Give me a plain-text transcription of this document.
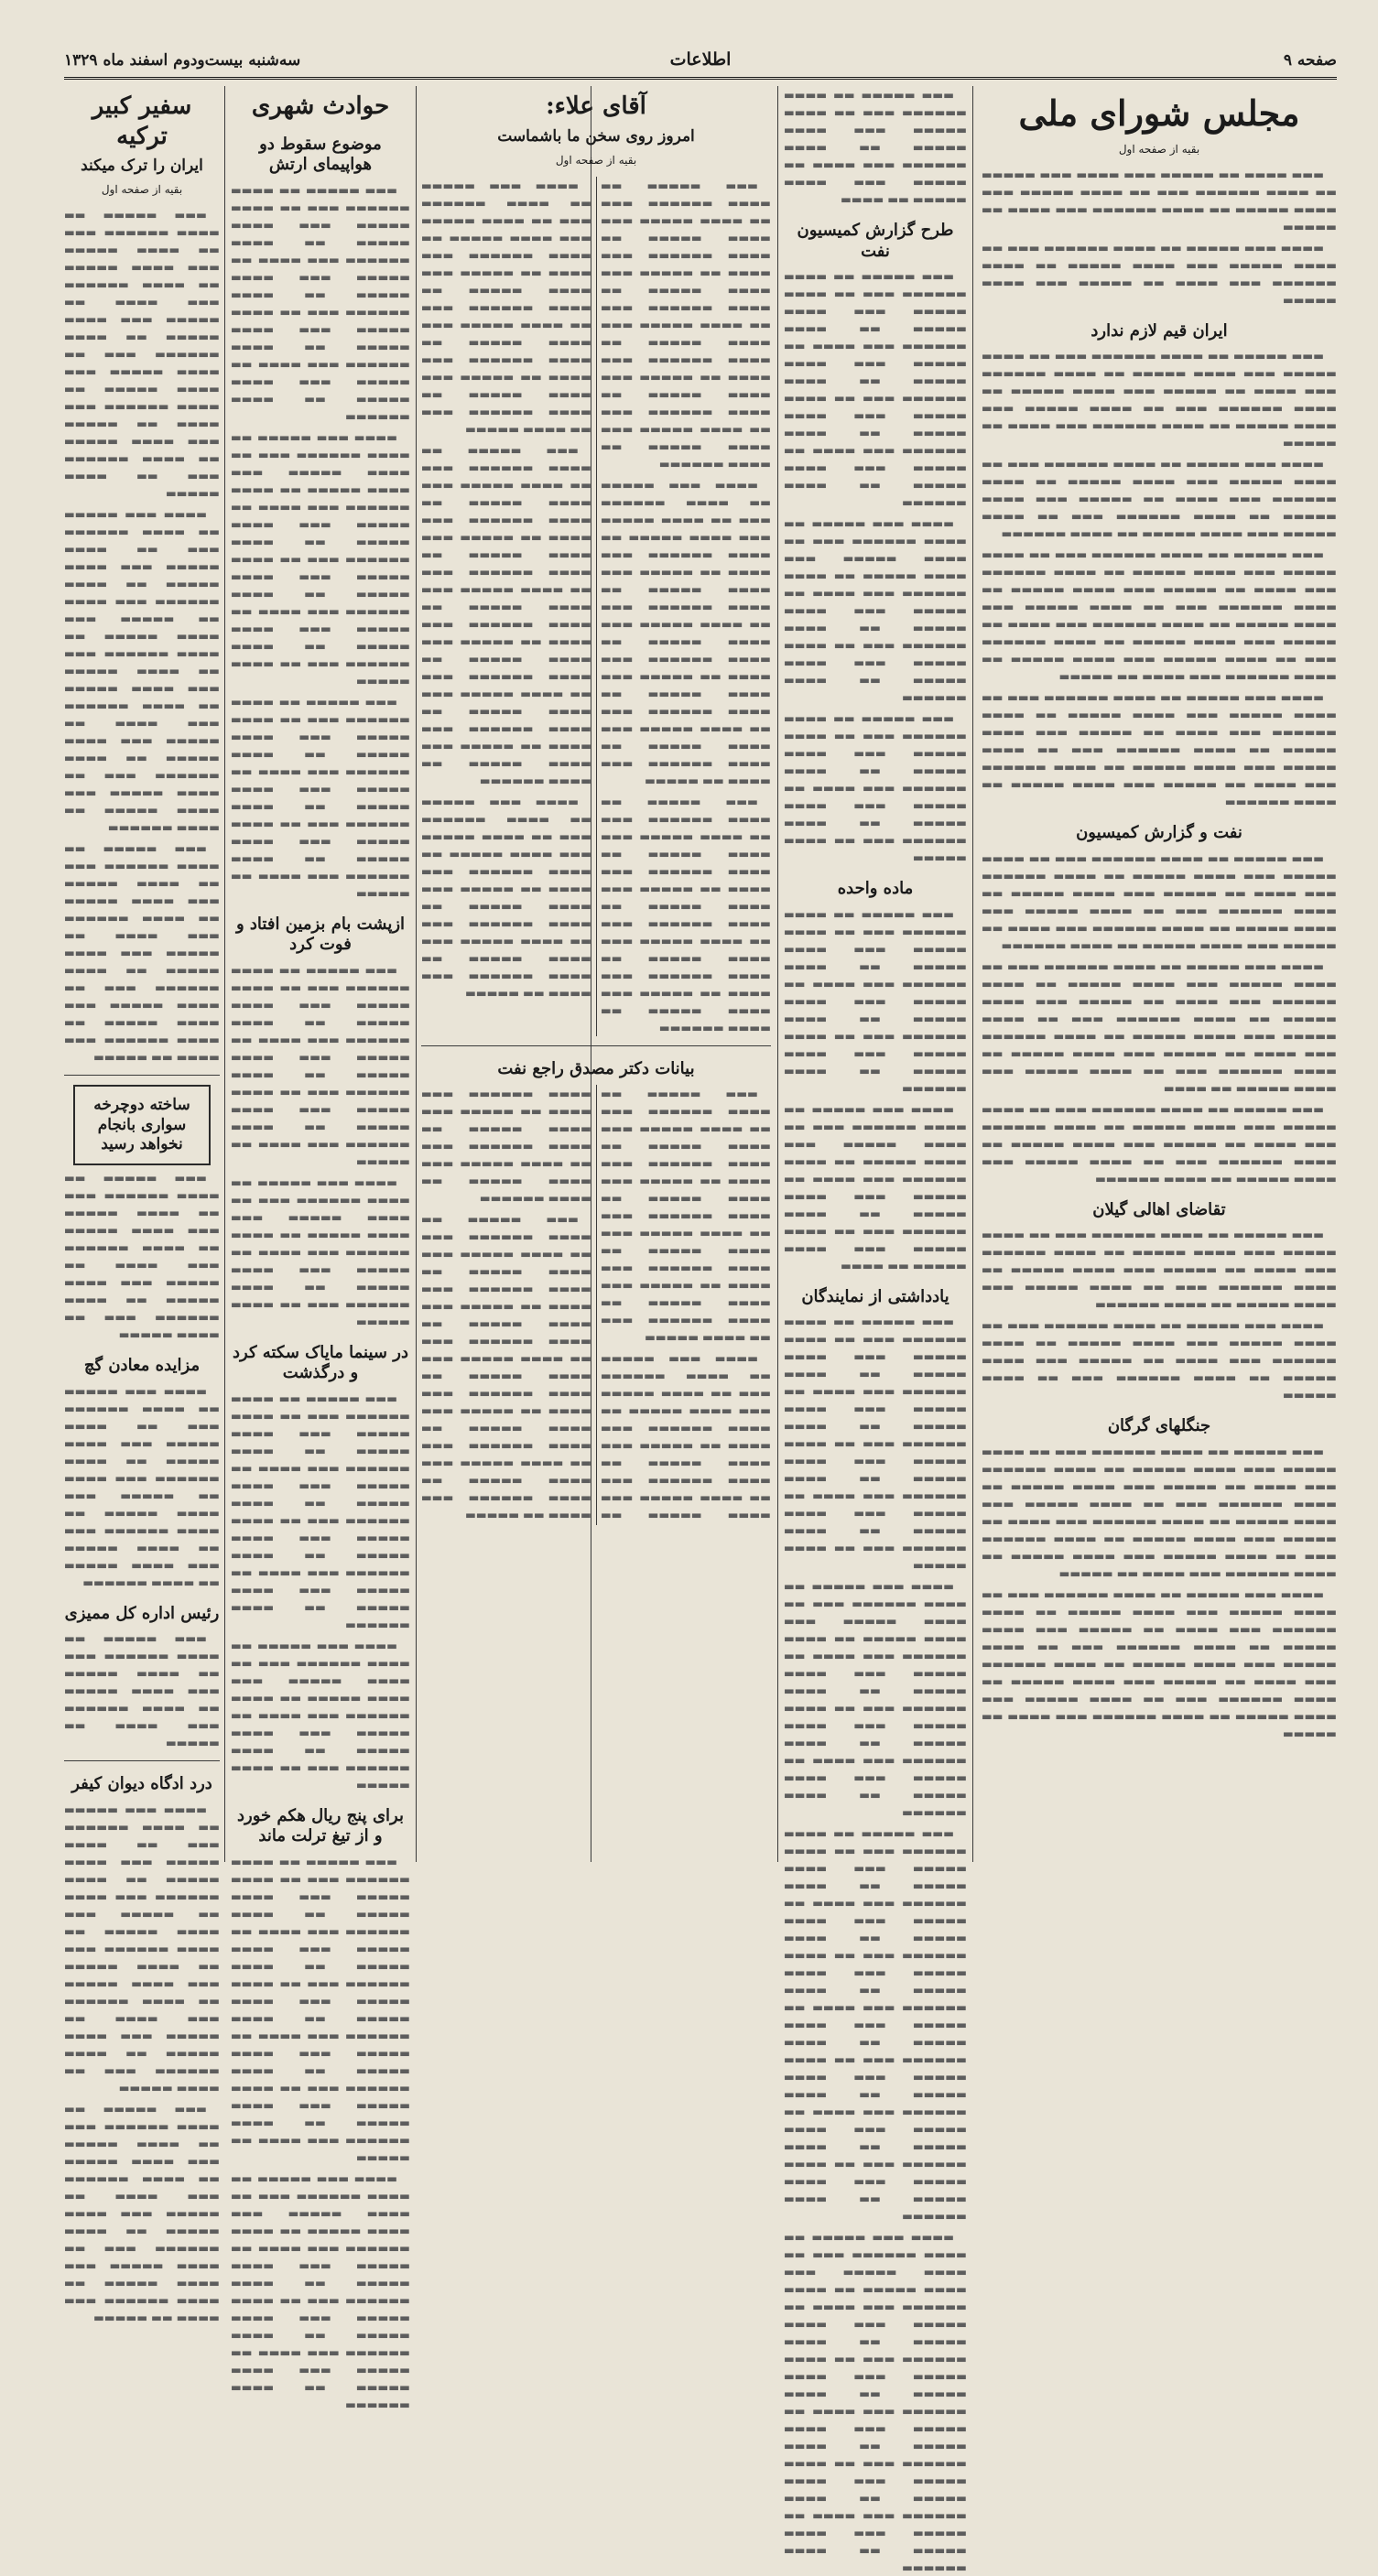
صفحه ۹
اطلاعات
سه‌شنبه بیست‌ودوم اسفند ماه ۱۳۲۹
مجلس شورای ملی
بقیه از صفحه اول

▬▬▬ ▬▬▬▬ ▬▬ ▬▬▬▬▬ ▬▬▬ ▬▬▬▬ ▬▬▬ ▬▬▬▬▬ ▬▬ ▬▬▬▬ ▬▬▬▬▬▬ ▬▬▬ ▬▬ ▬▬▬▬ ▬▬▬▬▬ ▬▬▬ ▬▬▬▬ ▬▬▬▬▬ ▬▬ ▬▬▬▬ ▬▬▬▬▬▬ ▬▬▬ ▬▬▬▬ ▬▬ ▬▬▬▬▬

▬▬▬▬ ▬▬▬ ▬▬▬▬▬ ▬▬ ▬▬▬▬ ▬▬▬▬▬▬ ▬▬▬ ▬▬ ▬▬▬▬ ▬▬▬▬▬ ▬▬▬ ▬▬▬▬ ▬▬▬▬▬ ▬▬ ▬▬▬▬ ▬▬▬▬▬▬ ▬▬▬ ▬▬▬▬ ▬▬ ▬▬▬▬▬ ▬▬▬ ▬▬▬▬ ▬▬▬▬▬

ایران قیم لازم ندارد

▬▬▬ ▬▬▬▬▬ ▬▬ ▬▬▬▬ ▬▬▬▬▬▬ ▬▬▬ ▬▬ ▬▬▬▬ ▬▬▬▬▬ ▬▬▬ ▬▬▬▬ ▬▬▬▬▬ ▬▬ ▬▬▬▬ ▬▬▬▬▬▬ ▬▬▬ ▬▬▬▬ ▬▬ ▬▬▬▬▬ ▬▬▬ ▬▬▬▬ ▬▬▬▬▬ ▬▬ ▬▬▬▬ ▬▬▬▬▬▬ ▬▬▬ ▬▬ ▬▬▬▬ ▬▬▬▬▬ ▬▬▬ ▬▬▬▬ ▬▬▬▬▬ ▬▬ ▬▬▬▬ ▬▬▬▬▬▬ ▬▬▬ ▬▬▬▬ ▬▬ ▬▬▬▬▬

▬▬▬▬ ▬▬▬ ▬▬▬▬▬ ▬▬ ▬▬▬▬ ▬▬▬▬▬▬ ▬▬▬ ▬▬ ▬▬▬▬ ▬▬▬▬▬ ▬▬▬ ▬▬▬▬ ▬▬▬▬▬ ▬▬ ▬▬▬▬ ▬▬▬▬▬▬ ▬▬▬ ▬▬▬▬ ▬▬ ▬▬▬▬▬ ▬▬▬ ▬▬▬▬ ▬▬▬▬▬ ▬▬ ▬▬▬▬ ▬▬▬▬▬▬ ▬▬▬ ▬▬ ▬▬▬▬ ▬▬▬▬▬ ▬▬▬ ▬▬▬▬ ▬▬▬▬▬ ▬▬ ▬▬▬▬ ▬▬▬▬▬▬

▬▬▬ ▬▬▬▬▬ ▬▬ ▬▬▬▬ ▬▬▬▬▬▬ ▬▬▬ ▬▬ ▬▬▬▬ ▬▬▬▬▬ ▬▬▬ ▬▬▬▬ ▬▬▬▬▬ ▬▬ ▬▬▬▬ ▬▬▬▬▬▬ ▬▬▬ ▬▬▬▬ ▬▬ ▬▬▬▬▬ ▬▬▬ ▬▬▬▬ ▬▬▬▬▬ ▬▬ ▬▬▬▬ ▬▬▬▬▬▬ ▬▬▬ ▬▬ ▬▬▬▬ ▬▬▬▬▬ ▬▬▬ ▬▬▬▬ ▬▬▬▬▬ ▬▬ ▬▬▬▬ ▬▬▬▬▬▬ ▬▬▬ ▬▬▬▬ ▬▬ ▬▬▬▬▬ ▬▬▬ ▬▬▬▬ ▬▬▬▬▬ ▬▬ ▬▬▬▬ ▬▬▬▬▬▬ ▬▬▬ ▬▬ ▬▬▬▬ ▬▬▬▬▬ ▬▬▬ ▬▬▬▬ ▬▬▬▬▬ ▬▬ ▬▬▬▬ ▬▬▬▬▬▬ ▬▬▬ ▬▬▬▬ ▬▬ ▬▬▬▬▬

▬▬▬▬ ▬▬▬ ▬▬▬▬▬ ▬▬ ▬▬▬▬ ▬▬▬▬▬▬ ▬▬▬ ▬▬ ▬▬▬▬ ▬▬▬▬▬ ▬▬▬ ▬▬▬▬ ▬▬▬▬▬ ▬▬ ▬▬▬▬ ▬▬▬▬▬▬ ▬▬▬ ▬▬▬▬ ▬▬ ▬▬▬▬▬ ▬▬▬ ▬▬▬▬ ▬▬▬▬▬ ▬▬ ▬▬▬▬ ▬▬▬▬▬▬ ▬▬▬ ▬▬ ▬▬▬▬ ▬▬▬▬▬ ▬▬▬ ▬▬▬▬ ▬▬▬▬▬ ▬▬ ▬▬▬▬ ▬▬▬▬▬▬ ▬▬▬ ▬▬▬▬ ▬▬ ▬▬▬▬▬ ▬▬▬ ▬▬▬▬ ▬▬▬▬▬ ▬▬ ▬▬▬▬ ▬▬▬▬▬▬

نفت و گزارش کمیسیون

▬▬▬ ▬▬▬▬▬ ▬▬ ▬▬▬▬ ▬▬▬▬▬▬ ▬▬▬ ▬▬ ▬▬▬▬ ▬▬▬▬▬ ▬▬▬ ▬▬▬▬ ▬▬▬▬▬ ▬▬ ▬▬▬▬ ▬▬▬▬▬▬ ▬▬▬ ▬▬▬▬ ▬▬ ▬▬▬▬▬ ▬▬▬ ▬▬▬▬ ▬▬▬▬▬ ▬▬ ▬▬▬▬ ▬▬▬▬▬▬ ▬▬▬ ▬▬ ▬▬▬▬ ▬▬▬▬▬ ▬▬▬ ▬▬▬▬ ▬▬▬▬▬ ▬▬ ▬▬▬▬ ▬▬▬▬▬▬ ▬▬▬ ▬▬▬▬ ▬▬ ▬▬▬▬▬ ▬▬▬ ▬▬▬▬ ▬▬▬▬▬ ▬▬ ▬▬▬▬ ▬▬▬▬▬▬

▬▬▬▬ ▬▬▬ ▬▬▬▬▬ ▬▬ ▬▬▬▬ ▬▬▬▬▬▬ ▬▬▬ ▬▬ ▬▬▬▬ ▬▬▬▬▬ ▬▬▬ ▬▬▬▬ ▬▬▬▬▬ ▬▬ ▬▬▬▬ ▬▬▬▬▬▬ ▬▬▬ ▬▬▬▬ ▬▬ ▬▬▬▬▬ ▬▬▬ ▬▬▬▬ ▬▬▬▬▬ ▬▬ ▬▬▬▬ ▬▬▬▬▬▬ ▬▬▬ ▬▬ ▬▬▬▬ ▬▬▬▬▬ ▬▬▬ ▬▬▬▬ ▬▬▬▬▬ ▬▬ ▬▬▬▬ ▬▬▬▬▬▬ ▬▬▬ ▬▬▬▬ ▬▬ ▬▬▬▬▬ ▬▬▬ ▬▬▬▬ ▬▬▬▬▬ ▬▬ ▬▬▬▬ ▬▬▬▬▬▬ ▬▬▬ ▬▬ ▬▬▬▬ ▬▬▬▬▬ ▬▬▬ ▬▬▬▬ ▬▬▬▬▬ ▬▬ ▬▬▬▬

▬▬▬ ▬▬▬▬▬ ▬▬ ▬▬▬▬ ▬▬▬▬▬▬ ▬▬▬ ▬▬ ▬▬▬▬ ▬▬▬▬▬ ▬▬▬ ▬▬▬▬ ▬▬▬▬▬ ▬▬ ▬▬▬▬ ▬▬▬▬▬▬ ▬▬▬ ▬▬▬▬ ▬▬ ▬▬▬▬▬ ▬▬▬ ▬▬▬▬ ▬▬▬▬▬ ▬▬ ▬▬▬▬ ▬▬▬▬▬▬ ▬▬▬ ▬▬ ▬▬▬▬ ▬▬▬▬▬ ▬▬▬ ▬▬▬▬ ▬▬▬▬▬ ▬▬ ▬▬▬▬ ▬▬▬▬▬▬

تقاضای اهالی گیلان

▬▬▬ ▬▬▬▬▬ ▬▬ ▬▬▬▬ ▬▬▬▬▬▬ ▬▬▬ ▬▬ ▬▬▬▬ ▬▬▬▬▬ ▬▬▬ ▬▬▬▬ ▬▬▬▬▬ ▬▬ ▬▬▬▬ ▬▬▬▬▬▬ ▬▬▬ ▬▬▬▬ ▬▬ ▬▬▬▬▬ ▬▬▬ ▬▬▬▬ ▬▬▬▬▬ ▬▬ ▬▬▬▬ ▬▬▬▬▬▬ ▬▬▬ ▬▬ ▬▬▬▬ ▬▬▬▬▬ ▬▬▬ ▬▬▬▬ ▬▬▬▬▬ ▬▬ ▬▬▬▬ ▬▬▬▬▬▬

▬▬▬▬ ▬▬▬ ▬▬▬▬▬ ▬▬ ▬▬▬▬ ▬▬▬▬▬▬ ▬▬▬ ▬▬ ▬▬▬▬ ▬▬▬▬▬ ▬▬▬ ▬▬▬▬ ▬▬▬▬▬ ▬▬ ▬▬▬▬ ▬▬▬▬▬▬ ▬▬▬ ▬▬▬▬ ▬▬ ▬▬▬▬▬ ▬▬▬ ▬▬▬▬ ▬▬▬▬▬ ▬▬ ▬▬▬▬ ▬▬▬▬▬▬ ▬▬▬ ▬▬ ▬▬▬▬ ▬▬▬▬▬

جنگلهای گرگان

▬▬▬ ▬▬▬▬▬ ▬▬ ▬▬▬▬ ▬▬▬▬▬▬ ▬▬▬ ▬▬ ▬▬▬▬ ▬▬▬▬▬ ▬▬▬ ▬▬▬▬ ▬▬▬▬▬ ▬▬ ▬▬▬▬ ▬▬▬▬▬▬ ▬▬▬ ▬▬▬▬ ▬▬ ▬▬▬▬▬ ▬▬▬ ▬▬▬▬ ▬▬▬▬▬ ▬▬ ▬▬▬▬ ▬▬▬▬▬▬ ▬▬▬ ▬▬ ▬▬▬▬ ▬▬▬▬▬ ▬▬▬ ▬▬▬▬ ▬▬▬▬▬ ▬▬ ▬▬▬▬ ▬▬▬▬▬▬ ▬▬▬ ▬▬▬▬ ▬▬ ▬▬▬▬▬ ▬▬▬ ▬▬▬▬ ▬▬▬▬▬ ▬▬ ▬▬▬▬ ▬▬▬▬▬▬ ▬▬▬ ▬▬ ▬▬▬▬ ▬▬▬▬▬ ▬▬▬ ▬▬▬▬ ▬▬▬▬▬ ▬▬ ▬▬▬▬ ▬▬▬▬▬▬ ▬▬▬ ▬▬▬▬ ▬▬ ▬▬▬▬▬

▬▬▬▬ ▬▬▬ ▬▬▬▬▬ ▬▬ ▬▬▬▬ ▬▬▬▬▬▬ ▬▬▬ ▬▬ ▬▬▬▬ ▬▬▬▬▬ ▬▬▬ ▬▬▬▬ ▬▬▬▬▬ ▬▬ ▬▬▬▬ ▬▬▬▬▬▬ ▬▬▬ ▬▬▬▬ ▬▬ ▬▬▬▬▬ ▬▬▬ ▬▬▬▬ ▬▬▬▬▬ ▬▬ ▬▬▬▬ ▬▬▬▬▬▬ ▬▬▬ ▬▬ ▬▬▬▬ ▬▬▬▬▬ ▬▬▬ ▬▬▬▬ ▬▬▬▬▬ ▬▬ ▬▬▬▬ ▬▬▬▬▬▬ ▬▬▬ ▬▬▬▬ ▬▬ ▬▬▬▬▬ ▬▬▬ ▬▬▬▬ ▬▬▬▬▬ ▬▬ ▬▬▬▬ ▬▬▬▬▬▬ ▬▬▬ ▬▬ ▬▬▬▬ ▬▬▬▬▬ ▬▬▬ ▬▬▬▬ ▬▬▬▬▬ ▬▬ ▬▬▬▬ ▬▬▬▬▬▬ ▬▬▬ ▬▬▬▬ ▬▬ ▬▬▬▬▬

▬▬▬ ▬▬▬▬▬ ▬▬ ▬▬▬▬ ▬▬▬▬▬▬ ▬▬▬ ▬▬ ▬▬▬▬ ▬▬▬▬▬ ▬▬▬ ▬▬▬▬ ▬▬▬▬▬ ▬▬ ▬▬▬▬ ▬▬▬▬▬▬ ▬▬▬ ▬▬▬▬ ▬▬ ▬▬▬▬▬ ▬▬▬ ▬▬▬▬ ▬▬▬▬▬ ▬▬ ▬▬▬▬

طرح گزارش کمیسیون نفت

▬▬▬ ▬▬▬▬▬ ▬▬ ▬▬▬▬ ▬▬▬▬▬▬ ▬▬▬ ▬▬ ▬▬▬▬ ▬▬▬▬▬ ▬▬▬ ▬▬▬▬ ▬▬▬▬▬ ▬▬ ▬▬▬▬ ▬▬▬▬▬▬ ▬▬▬ ▬▬▬▬ ▬▬ ▬▬▬▬▬ ▬▬▬ ▬▬▬▬ ▬▬▬▬▬ ▬▬ ▬▬▬▬ ▬▬▬▬▬▬ ▬▬▬ ▬▬ ▬▬▬▬ ▬▬▬▬▬ ▬▬▬ ▬▬▬▬ ▬▬▬▬▬ ▬▬ ▬▬▬▬ ▬▬▬▬▬▬ ▬▬▬ ▬▬▬▬ ▬▬ ▬▬▬▬▬ ▬▬▬ ▬▬▬▬ ▬▬▬▬▬ ▬▬ ▬▬▬▬ ▬▬▬▬▬▬

▬▬▬▬ ▬▬▬ ▬▬▬▬▬ ▬▬ ▬▬▬▬ ▬▬▬▬▬▬ ▬▬▬ ▬▬ ▬▬▬▬ ▬▬▬▬▬ ▬▬▬ ▬▬▬▬ ▬▬▬▬▬ ▬▬ ▬▬▬▬ ▬▬▬▬▬▬ ▬▬▬ ▬▬▬▬ ▬▬ ▬▬▬▬▬ ▬▬▬ ▬▬▬▬ ▬▬▬▬▬ ▬▬ ▬▬▬▬ ▬▬▬▬▬▬ ▬▬▬ ▬▬ ▬▬▬▬ ▬▬▬▬▬ ▬▬▬ ▬▬▬▬ ▬▬▬▬▬ ▬▬ ▬▬▬▬ ▬▬▬▬▬▬

▬▬▬ ▬▬▬▬▬ ▬▬ ▬▬▬▬ ▬▬▬▬▬▬ ▬▬▬ ▬▬ ▬▬▬▬ ▬▬▬▬▬ ▬▬▬ ▬▬▬▬ ▬▬▬▬▬ ▬▬ ▬▬▬▬ ▬▬▬▬▬▬ ▬▬▬ ▬▬▬▬ ▬▬ ▬▬▬▬▬ ▬▬▬ ▬▬▬▬ ▬▬▬▬▬ ▬▬ ▬▬▬▬ ▬▬▬▬▬▬ ▬▬▬ ▬▬ ▬▬▬▬ ▬▬▬▬▬

ماده واحده

▬▬▬ ▬▬▬▬▬ ▬▬ ▬▬▬▬ ▬▬▬▬▬▬ ▬▬▬ ▬▬ ▬▬▬▬ ▬▬▬▬▬ ▬▬▬ ▬▬▬▬ ▬▬▬▬▬ ▬▬ ▬▬▬▬ ▬▬▬▬▬▬ ▬▬▬ ▬▬▬▬ ▬▬ ▬▬▬▬▬ ▬▬▬ ▬▬▬▬ ▬▬▬▬▬ ▬▬ ▬▬▬▬ ▬▬▬▬▬▬ ▬▬▬ ▬▬ ▬▬▬▬ ▬▬▬▬▬ ▬▬▬ ▬▬▬▬ ▬▬▬▬▬ ▬▬ ▬▬▬▬ ▬▬▬▬▬▬

▬▬▬▬ ▬▬▬ ▬▬▬▬▬ ▬▬ ▬▬▬▬ ▬▬▬▬▬▬ ▬▬▬ ▬▬ ▬▬▬▬ ▬▬▬▬▬ ▬▬▬ ▬▬▬▬ ▬▬▬▬▬ ▬▬ ▬▬▬▬ ▬▬▬▬▬▬ ▬▬▬ ▬▬▬▬ ▬▬ ▬▬▬▬▬ ▬▬▬ ▬▬▬▬ ▬▬▬▬▬ ▬▬ ▬▬▬▬ ▬▬▬▬▬▬ ▬▬▬ ▬▬ ▬▬▬▬ ▬▬▬▬▬ ▬▬▬ ▬▬▬▬ ▬▬▬▬▬ ▬▬ ▬▬▬▬

یادداشتی از نمایندگان

▬▬▬ ▬▬▬▬▬ ▬▬ ▬▬▬▬ ▬▬▬▬▬▬ ▬▬▬ ▬▬ ▬▬▬▬ ▬▬▬▬▬ ▬▬▬ ▬▬▬▬ ▬▬▬▬▬ ▬▬ ▬▬▬▬ ▬▬▬▬▬▬ ▬▬▬ ▬▬▬▬ ▬▬ ▬▬▬▬▬ ▬▬▬ ▬▬▬▬ ▬▬▬▬▬ ▬▬ ▬▬▬▬ ▬▬▬▬▬▬ ▬▬▬ ▬▬ ▬▬▬▬ ▬▬▬▬▬ ▬▬▬ ▬▬▬▬ ▬▬▬▬▬ ▬▬ ▬▬▬▬ ▬▬▬▬▬▬ ▬▬▬ ▬▬▬▬ ▬▬ ▬▬▬▬▬ ▬▬▬ ▬▬▬▬ ▬▬▬▬▬ ▬▬ ▬▬▬▬ ▬▬▬▬▬▬ ▬▬▬ ▬▬ ▬▬▬▬ ▬▬▬▬▬

▬▬▬▬ ▬▬▬ ▬▬▬▬▬ ▬▬ ▬▬▬▬ ▬▬▬▬▬▬ ▬▬▬ ▬▬ ▬▬▬▬ ▬▬▬▬▬ ▬▬▬ ▬▬▬▬ ▬▬▬▬▬ ▬▬ ▬▬▬▬ ▬▬▬▬▬▬ ▬▬▬ ▬▬▬▬ ▬▬ ▬▬▬▬▬ ▬▬▬ ▬▬▬▬ ▬▬▬▬▬ ▬▬ ▬▬▬▬ ▬▬▬▬▬▬ ▬▬▬ ▬▬ ▬▬▬▬ ▬▬▬▬▬ ▬▬▬ ▬▬▬▬ ▬▬▬▬▬ ▬▬ ▬▬▬▬ ▬▬▬▬▬▬ ▬▬▬ ▬▬▬▬ ▬▬ ▬▬▬▬▬ ▬▬▬ ▬▬▬▬ ▬▬▬▬▬ ▬▬ ▬▬▬▬ ▬▬▬▬▬▬

▬▬▬ ▬▬▬▬▬ ▬▬ ▬▬▬▬ ▬▬▬▬▬▬ ▬▬▬ ▬▬ ▬▬▬▬ ▬▬▬▬▬ ▬▬▬ ▬▬▬▬ ▬▬▬▬▬ ▬▬ ▬▬▬▬ ▬▬▬▬▬▬ ▬▬▬ ▬▬▬▬ ▬▬ ▬▬▬▬▬ ▬▬▬ ▬▬▬▬ ▬▬▬▬▬ ▬▬ ▬▬▬▬ ▬▬▬▬▬▬ ▬▬▬ ▬▬ ▬▬▬▬ ▬▬▬▬▬ ▬▬▬ ▬▬▬▬ ▬▬▬▬▬ ▬▬ ▬▬▬▬ ▬▬▬▬▬▬ ▬▬▬ ▬▬▬▬ ▬▬ ▬▬▬▬▬ ▬▬▬ ▬▬▬▬ ▬▬▬▬▬ ▬▬ ▬▬▬▬ ▬▬▬▬▬▬ ▬▬▬ ▬▬ ▬▬▬▬ ▬▬▬▬▬ ▬▬▬ ▬▬▬▬ ▬▬▬▬▬ ▬▬ ▬▬▬▬ ▬▬▬▬▬▬ ▬▬▬ ▬▬▬▬ ▬▬ ▬▬▬▬▬ ▬▬▬ ▬▬▬▬ ▬▬▬▬▬ ▬▬ ▬▬▬▬ ▬▬▬▬▬▬ ▬▬▬ ▬▬ ▬▬▬▬ ▬▬▬▬▬ ▬▬▬ ▬▬▬▬ ▬▬▬▬▬ ▬▬ ▬▬▬▬ ▬▬▬▬▬▬

▬▬▬▬ ▬▬▬ ▬▬▬▬▬ ▬▬ ▬▬▬▬ ▬▬▬▬▬▬ ▬▬▬ ▬▬ ▬▬▬▬ ▬▬▬▬▬ ▬▬▬ ▬▬▬▬ ▬▬▬▬▬ ▬▬ ▬▬▬▬ ▬▬▬▬▬▬ ▬▬▬ ▬▬▬▬ ▬▬ ▬▬▬▬▬ ▬▬▬ ▬▬▬▬ ▬▬▬▬▬ ▬▬ ▬▬▬▬ ▬▬▬▬▬▬ ▬▬▬ ▬▬ ▬▬▬▬ ▬▬▬▬▬ ▬▬▬ ▬▬▬▬ ▬▬▬▬▬ ▬▬ ▬▬▬▬ ▬▬▬▬▬▬ ▬▬▬ ▬▬▬▬ ▬▬ ▬▬▬▬▬ ▬▬▬ ▬▬▬▬ ▬▬▬▬▬ ▬▬ ▬▬▬▬ ▬▬▬▬▬▬ ▬▬▬ ▬▬ ▬▬▬▬ ▬▬▬▬▬ ▬▬▬ ▬▬▬▬ ▬▬▬▬▬ ▬▬ ▬▬▬▬ ▬▬▬▬▬▬ ▬▬▬ ▬▬▬▬ ▬▬ ▬▬▬▬▬ ▬▬▬ ▬▬▬▬ ▬▬▬▬▬ ▬▬ ▬▬▬▬ ▬▬▬▬▬▬

آقای علاء:
امروز روی سخن ما باشماست
بقیه از صفحه اول

▬▬▬ ▬▬▬▬▬ ▬▬ ▬▬▬▬ ▬▬▬▬▬▬ ▬▬▬ ▬▬ ▬▬▬▬ ▬▬▬▬▬ ▬▬▬ ▬▬▬▬ ▬▬▬▬▬ ▬▬ ▬▬▬▬ ▬▬▬▬▬▬ ▬▬▬ ▬▬▬▬ ▬▬ ▬▬▬▬▬ ▬▬▬ ▬▬▬▬ ▬▬▬▬▬ ▬▬ ▬▬▬▬ ▬▬▬▬▬▬ ▬▬▬ ▬▬ ▬▬▬▬ ▬▬▬▬▬ ▬▬▬ ▬▬▬▬ ▬▬▬▬▬ ▬▬ ▬▬▬▬ ▬▬▬▬▬▬ ▬▬▬ ▬▬▬▬ ▬▬ ▬▬▬▬▬ ▬▬▬ ▬▬▬▬ ▬▬▬▬▬ ▬▬ ▬▬▬▬ ▬▬▬▬▬▬ ▬▬▬ ▬▬ ▬▬▬▬ ▬▬▬▬▬ ▬▬▬ ▬▬▬▬ ▬▬▬▬▬ ▬▬ ▬▬▬▬ ▬▬▬▬▬▬

▬▬▬▬ ▬▬▬ ▬▬▬▬▬ ▬▬ ▬▬▬▬ ▬▬▬▬▬▬ ▬▬▬ ▬▬ ▬▬▬▬ ▬▬▬▬▬ ▬▬▬ ▬▬▬▬ ▬▬▬▬▬ ▬▬ ▬▬▬▬ ▬▬▬▬▬▬ ▬▬▬ ▬▬▬▬ ▬▬ ▬▬▬▬▬ ▬▬▬ ▬▬▬▬ ▬▬▬▬▬ ▬▬ ▬▬▬▬ ▬▬▬▬▬▬ ▬▬▬ ▬▬ ▬▬▬▬ ▬▬▬▬▬ ▬▬▬ ▬▬▬▬ ▬▬▬▬▬ ▬▬ ▬▬▬▬ ▬▬▬▬▬▬ ▬▬▬ ▬▬▬▬ ▬▬ ▬▬▬▬▬ ▬▬▬ ▬▬▬▬ ▬▬▬▬▬ ▬▬ ▬▬▬▬ ▬▬▬▬▬▬ ▬▬▬ ▬▬ ▬▬▬▬ ▬▬▬▬▬ ▬▬▬ ▬▬▬▬ ▬▬▬▬▬ ▬▬ ▬▬▬▬ ▬▬▬▬▬▬ ▬▬▬ ▬▬▬▬ ▬▬ ▬▬▬▬▬

▬▬▬ ▬▬▬▬▬ ▬▬ ▬▬▬▬ ▬▬▬▬▬▬ ▬▬▬ ▬▬ ▬▬▬▬ ▬▬▬▬▬ ▬▬▬ ▬▬▬▬ ▬▬▬▬▬ ▬▬ ▬▬▬▬ ▬▬▬▬▬▬ ▬▬▬ ▬▬▬▬ ▬▬ ▬▬▬▬▬ ▬▬▬ ▬▬▬▬ ▬▬▬▬▬ ▬▬ ▬▬▬▬ ▬▬▬▬▬▬ ▬▬▬ ▬▬ ▬▬▬▬ ▬▬▬▬▬ ▬▬▬ ▬▬▬▬ ▬▬▬▬▬ ▬▬ ▬▬▬▬ ▬▬▬▬▬▬ ▬▬▬ ▬▬▬▬ ▬▬ ▬▬▬▬▬ ▬▬▬ ▬▬▬▬ ▬▬▬▬▬ ▬▬ ▬▬▬▬ ▬▬▬▬▬▬

▬▬▬▬ ▬▬▬ ▬▬▬▬▬ ▬▬ ▬▬▬▬ ▬▬▬▬▬▬ ▬▬▬ ▬▬ ▬▬▬▬ ▬▬▬▬▬ ▬▬▬ ▬▬▬▬ ▬▬▬▬▬ ▬▬ ▬▬▬▬ ▬▬▬▬▬▬ ▬▬▬ ▬▬▬▬ ▬▬ ▬▬▬▬▬ ▬▬▬ ▬▬▬▬ ▬▬▬▬▬ ▬▬ ▬▬▬▬ ▬▬▬▬▬▬ ▬▬▬ ▬▬ ▬▬▬▬ ▬▬▬▬▬ ▬▬▬ ▬▬▬▬ ▬▬▬▬▬ ▬▬ ▬▬▬▬ ▬▬▬▬▬▬ ▬▬▬ ▬▬▬▬ ▬▬ ▬▬▬▬▬ ▬▬▬ ▬▬▬▬ ▬▬▬▬▬ ▬▬ ▬▬▬▬ ▬▬▬▬▬▬ ▬▬▬ ▬▬ ▬▬▬▬ ▬▬▬▬▬

▬▬▬ ▬▬▬▬▬ ▬▬ ▬▬▬▬ ▬▬▬▬▬▬ ▬▬▬ ▬▬ ▬▬▬▬ ▬▬▬▬▬ ▬▬▬ ▬▬▬▬ ▬▬▬▬▬ ▬▬ ▬▬▬▬ ▬▬▬▬▬▬ ▬▬▬ ▬▬▬▬ ▬▬ ▬▬▬▬▬ ▬▬▬ ▬▬▬▬ ▬▬▬▬▬ ▬▬ ▬▬▬▬ ▬▬▬▬▬▬ ▬▬▬ ▬▬ ▬▬▬▬ ▬▬▬▬▬ ▬▬▬ ▬▬▬▬ ▬▬▬▬▬ ▬▬ ▬▬▬▬ ▬▬▬▬▬▬ ▬▬▬ ▬▬▬▬ ▬▬ ▬▬▬▬▬ ▬▬▬ ▬▬▬▬ ▬▬▬▬▬ ▬▬ ▬▬▬▬ ▬▬▬▬▬▬ ▬▬▬ ▬▬ ▬▬▬▬ ▬▬▬▬▬ ▬▬▬ ▬▬▬▬ ▬▬▬▬▬ ▬▬ ▬▬▬▬ ▬▬▬▬▬▬ ▬▬▬ ▬▬▬▬ ▬▬ ▬▬▬▬▬ ▬▬▬ ▬▬▬▬ ▬▬▬▬▬ ▬▬ ▬▬▬▬ ▬▬▬▬▬▬

▬▬▬▬ ▬▬▬ ▬▬▬▬▬ ▬▬ ▬▬▬▬ ▬▬▬▬▬▬ ▬▬▬ ▬▬ ▬▬▬▬ ▬▬▬▬▬ ▬▬▬ ▬▬▬▬ ▬▬▬▬▬ ▬▬ ▬▬▬▬ ▬▬▬▬▬▬ ▬▬▬ ▬▬▬▬ ▬▬ ▬▬▬▬▬ ▬▬▬ ▬▬▬▬ ▬▬▬▬▬ ▬▬ ▬▬▬▬ ▬▬▬▬▬▬ ▬▬▬ ▬▬ ▬▬▬▬ ▬▬▬▬▬ ▬▬▬ ▬▬▬▬ ▬▬▬▬▬ ▬▬ ▬▬▬▬ ▬▬▬▬▬▬ ▬▬▬ ▬▬▬▬ ▬▬ ▬▬▬▬▬

بیانات دکتر مصدق راجع نفت

▬▬▬ ▬▬▬▬▬ ▬▬ ▬▬▬▬ ▬▬▬▬▬▬ ▬▬▬ ▬▬ ▬▬▬▬ ▬▬▬▬▬ ▬▬▬ ▬▬▬▬ ▬▬▬▬▬ ▬▬ ▬▬▬▬ ▬▬▬▬▬▬ ▬▬▬ ▬▬▬▬ ▬▬ ▬▬▬▬▬ ▬▬▬ ▬▬▬▬ ▬▬▬▬▬ ▬▬ ▬▬▬▬ ▬▬▬▬▬▬ ▬▬▬ ▬▬ ▬▬▬▬ ▬▬▬▬▬ ▬▬▬ ▬▬▬▬ ▬▬▬▬▬ ▬▬ ▬▬▬▬ ▬▬▬▬▬▬ ▬▬▬ ▬▬▬▬ ▬▬ ▬▬▬▬▬ ▬▬▬ ▬▬▬▬ ▬▬▬▬▬ ▬▬ ▬▬▬▬ ▬▬▬▬▬▬ ▬▬▬ ▬▬ ▬▬▬▬ ▬▬▬▬▬

▬▬▬▬ ▬▬▬ ▬▬▬▬▬ ▬▬ ▬▬▬▬ ▬▬▬▬▬▬ ▬▬▬ ▬▬ ▬▬▬▬ ▬▬▬▬▬ ▬▬▬ ▬▬▬▬ ▬▬▬▬▬ ▬▬ ▬▬▬▬ ▬▬▬▬▬▬ ▬▬▬ ▬▬▬▬ ▬▬ ▬▬▬▬▬ ▬▬▬ ▬▬▬▬ ▬▬▬▬▬ ▬▬ ▬▬▬▬ ▬▬▬▬▬▬ ▬▬▬ ▬▬ ▬▬▬▬ ▬▬▬▬▬ ▬▬▬ ▬▬▬▬ ▬▬▬▬▬ ▬▬ ▬▬▬▬ ▬▬▬▬▬▬ ▬▬▬ ▬▬▬▬ ▬▬ ▬▬▬▬▬ ▬▬▬ ▬▬▬▬ ▬▬▬▬▬ ▬▬ ▬▬▬▬ ▬▬▬▬▬▬ ▬▬▬ ▬▬ ▬▬▬▬ ▬▬▬▬▬ ▬▬▬ ▬▬▬▬ ▬▬▬▬▬ ▬▬ ▬▬▬▬ ▬▬▬▬▬▬

▬▬▬ ▬▬▬▬▬ ▬▬ ▬▬▬▬ ▬▬▬▬▬▬ ▬▬▬ ▬▬ ▬▬▬▬ ▬▬▬▬▬ ▬▬▬ ▬▬▬▬ ▬▬▬▬▬ ▬▬ ▬▬▬▬ ▬▬▬▬▬▬ ▬▬▬ ▬▬▬▬ ▬▬ ▬▬▬▬▬ ▬▬▬ ▬▬▬▬ ▬▬▬▬▬ ▬▬ ▬▬▬▬ ▬▬▬▬▬▬ ▬▬▬ ▬▬ ▬▬▬▬ ▬▬▬▬▬ ▬▬▬ ▬▬▬▬ ▬▬▬▬▬ ▬▬ ▬▬▬▬ ▬▬▬▬▬▬ ▬▬▬ ▬▬▬▬ ▬▬ ▬▬▬▬▬ ▬▬▬ ▬▬▬▬ ▬▬▬▬▬ ▬▬ ▬▬▬▬ ▬▬▬▬▬▬ ▬▬▬ ▬▬ ▬▬▬▬ ▬▬▬▬▬ ▬▬▬ ▬▬▬▬ ▬▬▬▬▬ ▬▬ ▬▬▬▬ ▬▬▬▬▬▬ ▬▬▬ ▬▬▬▬ ▬▬ ▬▬▬▬▬

حوادث شهری
موضوع سقوط دو هواپیمای ارتش

▬▬▬ ▬▬▬▬▬ ▬▬ ▬▬▬▬ ▬▬▬▬▬▬ ▬▬▬ ▬▬ ▬▬▬▬ ▬▬▬▬▬ ▬▬▬ ▬▬▬▬ ▬▬▬▬▬ ▬▬ ▬▬▬▬ ▬▬▬▬▬▬ ▬▬▬ ▬▬▬▬ ▬▬ ▬▬▬▬▬ ▬▬▬ ▬▬▬▬ ▬▬▬▬▬ ▬▬ ▬▬▬▬ ▬▬▬▬▬▬ ▬▬▬ ▬▬ ▬▬▬▬ ▬▬▬▬▬ ▬▬▬ ▬▬▬▬ ▬▬▬▬▬ ▬▬ ▬▬▬▬ ▬▬▬▬▬▬ ▬▬▬ ▬▬▬▬ ▬▬ ▬▬▬▬▬ ▬▬▬ ▬▬▬▬ ▬▬▬▬▬ ▬▬ ▬▬▬▬ ▬▬▬▬▬▬

▬▬▬▬ ▬▬▬ ▬▬▬▬▬ ▬▬ ▬▬▬▬ ▬▬▬▬▬▬ ▬▬▬ ▬▬ ▬▬▬▬ ▬▬▬▬▬ ▬▬▬ ▬▬▬▬ ▬▬▬▬▬ ▬▬ ▬▬▬▬ ▬▬▬▬▬▬ ▬▬▬ ▬▬▬▬ ▬▬ ▬▬▬▬▬ ▬▬▬ ▬▬▬▬ ▬▬▬▬▬ ▬▬ ▬▬▬▬ ▬▬▬▬▬▬ ▬▬▬ ▬▬ ▬▬▬▬ ▬▬▬▬▬ ▬▬▬ ▬▬▬▬ ▬▬▬▬▬ ▬▬ ▬▬▬▬ ▬▬▬▬▬▬ ▬▬▬ ▬▬▬▬ ▬▬ ▬▬▬▬▬ ▬▬▬ ▬▬▬▬ ▬▬▬▬▬ ▬▬ ▬▬▬▬ ▬▬▬▬▬▬ ▬▬▬ ▬▬ ▬▬▬▬ ▬▬▬▬▬

▬▬▬ ▬▬▬▬▬ ▬▬ ▬▬▬▬ ▬▬▬▬▬▬ ▬▬▬ ▬▬ ▬▬▬▬ ▬▬▬▬▬ ▬▬▬ ▬▬▬▬ ▬▬▬▬▬ ▬▬ ▬▬▬▬ ▬▬▬▬▬▬ ▬▬▬ ▬▬▬▬ ▬▬ ▬▬▬▬▬ ▬▬▬ ▬▬▬▬ ▬▬▬▬▬ ▬▬ ▬▬▬▬ ▬▬▬▬▬▬ ▬▬▬ ▬▬ ▬▬▬▬ ▬▬▬▬▬ ▬▬▬ ▬▬▬▬ ▬▬▬▬▬ ▬▬ ▬▬▬▬ ▬▬▬▬▬▬ ▬▬▬ ▬▬▬▬ ▬▬ ▬▬▬▬▬

ازپشت بام بزمین افتاد و فوت کرد

▬▬▬ ▬▬▬▬▬ ▬▬ ▬▬▬▬ ▬▬▬▬▬▬ ▬▬▬ ▬▬ ▬▬▬▬ ▬▬▬▬▬ ▬▬▬ ▬▬▬▬ ▬▬▬▬▬ ▬▬ ▬▬▬▬ ▬▬▬▬▬▬ ▬▬▬ ▬▬▬▬ ▬▬ ▬▬▬▬▬ ▬▬▬ ▬▬▬▬ ▬▬▬▬▬ ▬▬ ▬▬▬▬ ▬▬▬▬▬▬ ▬▬▬ ▬▬ ▬▬▬▬ ▬▬▬▬▬ ▬▬▬ ▬▬▬▬ ▬▬▬▬▬ ▬▬ ▬▬▬▬ ▬▬▬▬▬▬ ▬▬▬ ▬▬▬▬ ▬▬ ▬▬▬▬▬

▬▬▬▬ ▬▬▬ ▬▬▬▬▬ ▬▬ ▬▬▬▬ ▬▬▬▬▬▬ ▬▬▬ ▬▬ ▬▬▬▬ ▬▬▬▬▬ ▬▬▬ ▬▬▬▬ ▬▬▬▬▬ ▬▬ ▬▬▬▬ ▬▬▬▬▬▬ ▬▬▬ ▬▬▬▬ ▬▬ ▬▬▬▬▬ ▬▬▬ ▬▬▬▬ ▬▬▬▬▬ ▬▬ ▬▬▬▬ ▬▬▬▬▬▬ ▬▬▬ ▬▬ ▬▬▬▬ ▬▬▬▬▬

در سینما مایاک سکته کرد و درگذشت

▬▬▬ ▬▬▬▬▬ ▬▬ ▬▬▬▬ ▬▬▬▬▬▬ ▬▬▬ ▬▬ ▬▬▬▬ ▬▬▬▬▬ ▬▬▬ ▬▬▬▬ ▬▬▬▬▬ ▬▬ ▬▬▬▬ ▬▬▬▬▬▬ ▬▬▬ ▬▬▬▬ ▬▬ ▬▬▬▬▬ ▬▬▬ ▬▬▬▬ ▬▬▬▬▬ ▬▬ ▬▬▬▬ ▬▬▬▬▬▬ ▬▬▬ ▬▬ ▬▬▬▬ ▬▬▬▬▬ ▬▬▬ ▬▬▬▬ ▬▬▬▬▬ ▬▬ ▬▬▬▬ ▬▬▬▬▬▬ ▬▬▬ ▬▬▬▬ ▬▬ ▬▬▬▬▬ ▬▬▬ ▬▬▬▬ ▬▬▬▬▬ ▬▬ ▬▬▬▬ ▬▬▬▬▬▬

▬▬▬▬ ▬▬▬ ▬▬▬▬▬ ▬▬ ▬▬▬▬ ▬▬▬▬▬▬ ▬▬▬ ▬▬ ▬▬▬▬ ▬▬▬▬▬ ▬▬▬ ▬▬▬▬ ▬▬▬▬▬ ▬▬ ▬▬▬▬ ▬▬▬▬▬▬ ▬▬▬ ▬▬▬▬ ▬▬ ▬▬▬▬▬ ▬▬▬ ▬▬▬▬ ▬▬▬▬▬ ▬▬ ▬▬▬▬ ▬▬▬▬▬▬ ▬▬▬ ▬▬ ▬▬▬▬ ▬▬▬▬▬

برای پنج ریال هکم خورد و از تیغ ترلت ماند

▬▬▬ ▬▬▬▬▬ ▬▬ ▬▬▬▬ ▬▬▬▬▬▬ ▬▬▬ ▬▬ ▬▬▬▬ ▬▬▬▬▬ ▬▬▬ ▬▬▬▬ ▬▬▬▬▬ ▬▬ ▬▬▬▬ ▬▬▬▬▬▬ ▬▬▬ ▬▬▬▬ ▬▬ ▬▬▬▬▬ ▬▬▬ ▬▬▬▬ ▬▬▬▬▬ ▬▬ ▬▬▬▬ ▬▬▬▬▬▬ ▬▬▬ ▬▬ ▬▬▬▬ ▬▬▬▬▬ ▬▬▬ ▬▬▬▬ ▬▬▬▬▬ ▬▬ ▬▬▬▬ ▬▬▬▬▬▬ ▬▬▬ ▬▬▬▬ ▬▬ ▬▬▬▬▬ ▬▬▬ ▬▬▬▬ ▬▬▬▬▬ ▬▬ ▬▬▬▬ ▬▬▬▬▬▬ ▬▬▬ ▬▬ ▬▬▬▬ ▬▬▬▬▬ ▬▬▬ ▬▬▬▬ ▬▬▬▬▬ ▬▬ ▬▬▬▬ ▬▬▬▬▬▬ ▬▬▬ ▬▬▬▬ ▬▬ ▬▬▬▬▬

▬▬▬▬ ▬▬▬ ▬▬▬▬▬ ▬▬ ▬▬▬▬ ▬▬▬▬▬▬ ▬▬▬ ▬▬ ▬▬▬▬ ▬▬▬▬▬ ▬▬▬ ▬▬▬▬ ▬▬▬▬▬ ▬▬ ▬▬▬▬ ▬▬▬▬▬▬ ▬▬▬ ▬▬▬▬ ▬▬ ▬▬▬▬▬ ▬▬▬ ▬▬▬▬ ▬▬▬▬▬ ▬▬ ▬▬▬▬ ▬▬▬▬▬▬ ▬▬▬ ▬▬ ▬▬▬▬ ▬▬▬▬▬ ▬▬▬ ▬▬▬▬ ▬▬▬▬▬ ▬▬ ▬▬▬▬ ▬▬▬▬▬▬ ▬▬▬ ▬▬▬▬ ▬▬ ▬▬▬▬▬ ▬▬▬ ▬▬▬▬ ▬▬▬▬▬ ▬▬ ▬▬▬▬ ▬▬▬▬▬▬

سفیر کبیر ترکیه
ایران را ترک میکند
بقیه از صفحه اول

▬▬▬ ▬▬▬▬▬ ▬▬ ▬▬▬▬ ▬▬▬▬▬▬ ▬▬▬ ▬▬ ▬▬▬▬ ▬▬▬▬▬ ▬▬▬ ▬▬▬▬ ▬▬▬▬▬ ▬▬ ▬▬▬▬ ▬▬▬▬▬▬ ▬▬▬ ▬▬▬▬ ▬▬ ▬▬▬▬▬ ▬▬▬ ▬▬▬▬ ▬▬▬▬▬ ▬▬ ▬▬▬▬ ▬▬▬▬▬▬ ▬▬▬ ▬▬ ▬▬▬▬ ▬▬▬▬▬ ▬▬▬ ▬▬▬▬ ▬▬▬▬▬ ▬▬ ▬▬▬▬ ▬▬▬▬▬▬ ▬▬▬ ▬▬▬▬ ▬▬ ▬▬▬▬▬ ▬▬▬ ▬▬▬▬ ▬▬▬▬▬ ▬▬ ▬▬▬▬ ▬▬▬▬▬▬ ▬▬▬ ▬▬ ▬▬▬▬ ▬▬▬▬▬

▬▬▬▬ ▬▬▬ ▬▬▬▬▬ ▬▬ ▬▬▬▬ ▬▬▬▬▬▬ ▬▬▬ ▬▬ ▬▬▬▬ ▬▬▬▬▬ ▬▬▬ ▬▬▬▬ ▬▬▬▬▬ ▬▬ ▬▬▬▬ ▬▬▬▬▬▬ ▬▬▬ ▬▬▬▬ ▬▬ ▬▬▬▬▬ ▬▬▬ ▬▬▬▬ ▬▬▬▬▬ ▬▬ ▬▬▬▬ ▬▬▬▬▬▬ ▬▬▬ ▬▬ ▬▬▬▬ ▬▬▬▬▬ ▬▬▬ ▬▬▬▬ ▬▬▬▬▬ ▬▬ ▬▬▬▬ ▬▬▬▬▬▬ ▬▬▬ ▬▬▬▬ ▬▬ ▬▬▬▬▬ ▬▬▬ ▬▬▬▬ ▬▬▬▬▬ ▬▬ ▬▬▬▬ ▬▬▬▬▬▬ ▬▬▬ ▬▬ ▬▬▬▬ ▬▬▬▬▬ ▬▬▬ ▬▬▬▬ ▬▬▬▬▬ ▬▬ ▬▬▬▬ ▬▬▬▬▬▬

▬▬▬ ▬▬▬▬▬ ▬▬ ▬▬▬▬ ▬▬▬▬▬▬ ▬▬▬ ▬▬ ▬▬▬▬ ▬▬▬▬▬ ▬▬▬ ▬▬▬▬ ▬▬▬▬▬ ▬▬ ▬▬▬▬ ▬▬▬▬▬▬ ▬▬▬ ▬▬▬▬ ▬▬ ▬▬▬▬▬ ▬▬▬ ▬▬▬▬ ▬▬▬▬▬ ▬▬ ▬▬▬▬ ▬▬▬▬▬▬ ▬▬▬ ▬▬ ▬▬▬▬ ▬▬▬▬▬ ▬▬▬ ▬▬▬▬ ▬▬▬▬▬ ▬▬ ▬▬▬▬ ▬▬▬▬▬▬ ▬▬▬ ▬▬▬▬ ▬▬ ▬▬▬▬▬

ساخته دوچرخه سواری بانجام نخواهد رسید

▬▬▬ ▬▬▬▬▬ ▬▬ ▬▬▬▬ ▬▬▬▬▬▬ ▬▬▬ ▬▬ ▬▬▬▬ ▬▬▬▬▬ ▬▬▬ ▬▬▬▬ ▬▬▬▬▬ ▬▬ ▬▬▬▬ ▬▬▬▬▬▬ ▬▬▬ ▬▬▬▬ ▬▬ ▬▬▬▬▬ ▬▬▬ ▬▬▬▬ ▬▬▬▬▬ ▬▬ ▬▬▬▬ ▬▬▬▬▬▬ ▬▬▬ ▬▬ ▬▬▬▬ ▬▬▬▬▬

مزایده معادن گچ

▬▬▬▬ ▬▬▬ ▬▬▬▬▬ ▬▬ ▬▬▬▬ ▬▬▬▬▬▬ ▬▬▬ ▬▬ ▬▬▬▬ ▬▬▬▬▬ ▬▬▬ ▬▬▬▬ ▬▬▬▬▬ ▬▬ ▬▬▬▬ ▬▬▬▬▬▬ ▬▬▬ ▬▬▬▬ ▬▬ ▬▬▬▬▬ ▬▬▬ ▬▬▬▬ ▬▬▬▬▬ ▬▬ ▬▬▬▬ ▬▬▬▬▬▬ ▬▬▬ ▬▬ ▬▬▬▬ ▬▬▬▬▬ ▬▬▬ ▬▬▬▬ ▬▬▬▬▬ ▬▬ ▬▬▬▬ ▬▬▬▬▬▬

رئیس اداره کل ممیزی

▬▬▬ ▬▬▬▬▬ ▬▬ ▬▬▬▬ ▬▬▬▬▬▬ ▬▬▬ ▬▬ ▬▬▬▬ ▬▬▬▬▬ ▬▬▬ ▬▬▬▬ ▬▬▬▬▬ ▬▬ ▬▬▬▬ ▬▬▬▬▬▬ ▬▬▬ ▬▬▬▬ ▬▬ ▬▬▬▬▬

درد ادگاه دیوان کیفر

▬▬▬▬ ▬▬▬ ▬▬▬▬▬ ▬▬ ▬▬▬▬ ▬▬▬▬▬▬ ▬▬▬ ▬▬ ▬▬▬▬ ▬▬▬▬▬ ▬▬▬ ▬▬▬▬ ▬▬▬▬▬ ▬▬ ▬▬▬▬ ▬▬▬▬▬▬ ▬▬▬ ▬▬▬▬ ▬▬ ▬▬▬▬▬ ▬▬▬ ▬▬▬▬ ▬▬▬▬▬ ▬▬ ▬▬▬▬ ▬▬▬▬▬▬ ▬▬▬ ▬▬ ▬▬▬▬ ▬▬▬▬▬ ▬▬▬ ▬▬▬▬ ▬▬▬▬▬ ▬▬ ▬▬▬▬ ▬▬▬▬▬▬ ▬▬▬ ▬▬▬▬ ▬▬ ▬▬▬▬▬ ▬▬▬ ▬▬▬▬ ▬▬▬▬▬ ▬▬ ▬▬▬▬ ▬▬▬▬▬▬ ▬▬▬ ▬▬ ▬▬▬▬ ▬▬▬▬▬

▬▬▬ ▬▬▬▬▬ ▬▬ ▬▬▬▬ ▬▬▬▬▬▬ ▬▬▬ ▬▬ ▬▬▬▬ ▬▬▬▬▬ ▬▬▬ ▬▬▬▬ ▬▬▬▬▬ ▬▬ ▬▬▬▬ ▬▬▬▬▬▬ ▬▬▬ ▬▬▬▬ ▬▬ ▬▬▬▬▬ ▬▬▬ ▬▬▬▬ ▬▬▬▬▬ ▬▬ ▬▬▬▬ ▬▬▬▬▬▬ ▬▬▬ ▬▬ ▬▬▬▬ ▬▬▬▬▬ ▬▬▬ ▬▬▬▬ ▬▬▬▬▬ ▬▬ ▬▬▬▬ ▬▬▬▬▬▬ ▬▬▬ ▬▬▬▬ ▬▬ ▬▬▬▬▬
